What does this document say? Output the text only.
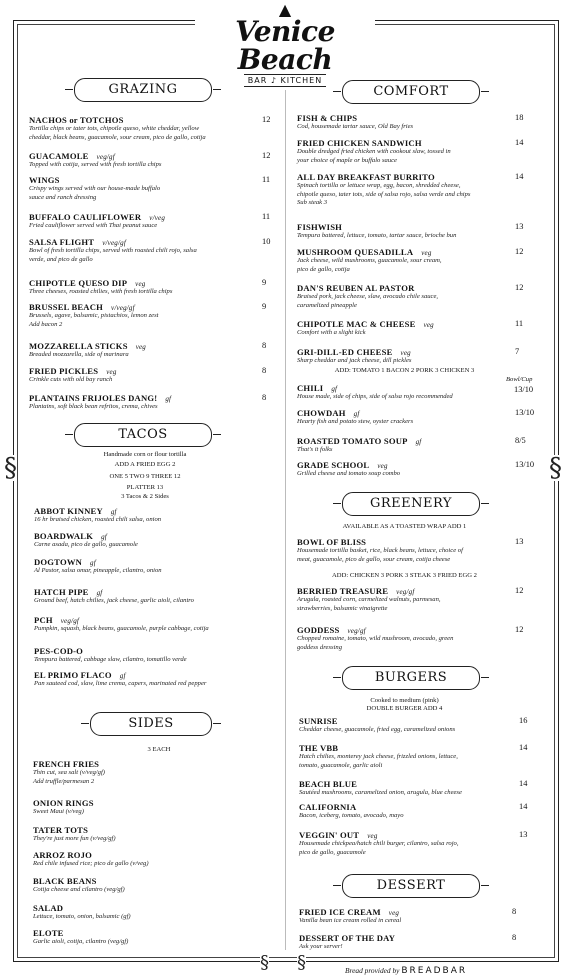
§	§
§ §
▲
Venice Beach
BAR ♪ KITCHEN
GRAZING
NACHOS or TOTCHOS
Tortilla chips or tater tots, chipotle queso, white cheddar, yellow
cheddar, black beans, guacamole, sour cream, pico de gallo, cotija
12
GUACAMOLE veg/gf
Topped with cotija, served with fresh tortilla chips
12
WINGS
Crispy wings served with our house-made buffalo
sauce and ranch dressing
11
BUFFALO CAULIFLOWER v/veg
Fried cauliflower served with Thai peanut sauce
11
SALSA FLIGHT v/veg/gf
Bowl of fresh tortilla chips, served with roasted chili rojo, salsa
verde, and pico de gallo
10
CHIPOTLE QUESO DIP veg
Three cheeses, roasted chilies, with fresh tortilla chips
9
BRUSSEL BEACH v/veg/gf
Brussels, agave, balsamic, pistachios, lemon zest
Add bacon 2
9
MOZZARELLA STICKS veg
Breaded mozzarella, side of marinara
8
FRIED PICKLES veg
Crinkle cuts with old bay ranch
8
PLANTAINS FRIJOLES DANG! gf
Plantains, soft black bean refritos, crema, chives
8
TACOS
Handmade corn or flour tortilla
ADD A FRIED EGG 2
ONE 5 TWO 9 THREE 12
PLATTER 13
3 Tacos & 2 Sides
ABBOT KINNEY gf
16 hr braised chicken, roasted chili salsa, onion
BOARDWALK gf
Carne asada, pico de gallo, guacamole
DOGTOWN gf
Al Pastor, salsa omar, pineapple, cilantro, onion
HATCH PIPE gf
Ground beef, hatch chilies, jack cheese, garlic aioli, cilantro
PCH veg/gf
Pumpkin, squash, black beans, guacamole, purple cabbage, cotija
PES-COD-O
Tempura battered, cabbage slaw, cilantro, tomatillo verde
EL PRIMO FLACO gf
Pan sauteed cod, slaw, lime crema, capers, marinated red pepper
SIDES
3 EACH
FRENCH FRIES
Thin cut, sea salt (v/veg/gf)
Add truffle/parmesan 2
ONION RINGS
Sweet Maui (v/veg)
TATER TOTS
They're just more fun (v/veg/gf)
ARROZ ROJO
Red chile infused rice; pico de gallo (v/veg)
BLACK BEANS
Cotija cheese and cilantro (veg/gf)
SALAD
Lettuce, tomato, onion, balsamic (gf)
ELOTE
Garlic aioli, cotija, cilantro (veg/gf)
COMFORT
FISH & CHIPS
Cod, housemade tartar sauce, Old Bay fries
18
FRIED CHICKEN SANDWICH
Double dredged fried chicken with cookout slaw, tossed in
your choice of maple or buffalo sauce
14
ALL DAY BREAKFAST BURRITO
Spinach tortilla or lettuce wrap, egg, bacon, shredded cheese,
chipotle queso, tater tots, side of salsa rojo, salsa verde and chips
Sub steak 3
14
FISHWISH
Tempura battered, lettuce, tomato, tartar sauce, brioche bun
13
MUSHROOM QUESADILLA veg
Jack cheese, wild mushrooms, guacamole, sour cream,
pico de gallo, cotija
12
DAN'S REUBEN AL PASTOR
Braised pork, jack cheese, slaw, avocado chile sauce,
caramelized pineapple
12
CHIPOTLE MAC & CHEESE veg
Comfort with a slight kick
11
GRI-DILL-ED CHEESE veg
Sharp cheddar and jack cheese, dill pickles
7
CHILI gf
House made, side of chips, side of salsa rojo recommended
Bowl/Cup
CHOWDAH gf
Hearty fish and potato stew, oyster crackers
13/10
ROASTED TOMATO SOUP gf
That's it folks
8/5
GRADE SCHOOL veg
Grilled cheese and tomato soup combo
13/10
ADD: TOMATO 1 BACON 2 PORK 3 CHICKEN 3
13/10
GREENERY
AVAILABLE AS A TOASTED WRAP ADD 1
BOWL OF BLISS
Housemade tortilla basket, rice, black beans, lettuce, choice of
meat, guacamole, pico de gallo, sour cream, cotija cheese
13
BERRIED TREASURE veg/gf
Arugula, roasted corn, carmelized walnuts, parmesan,
strawberries, balsamic vinaigrette
12
GODDESS veg/gf
Chopped romaine, tomato, wild mushroom, avocado, green
goddess dressing
12
ADD: CHICKEN 3 PORK 3 STEAK 3 FRIED EGG 2
BURGERS
Cooked to medium (pink)
DOUBLE BURGER ADD 4
SUNRISE
Cheddar cheese, guacamole, fried egg, caramelized onions
16
THE VBB
Hatch chilies, monterey jack cheese, frizzled onions, lettuce,
tomato, guacamole, garlic aioli
14
BEACH BLUE
Sautéed mushrooms, caramelized onion, arugula, blue cheese
14
CALIFORNIA
Bacon, iceberg, tomato, avocado, mayo
14
VEGGIN' OUT veg
Housemade chickpea/hatch chili burger, cilantro, salsa rojo,
pico de gallo, guacamole
13
DESSERT
FRIED ICE CREAM veg
Vanilla bean ice cream rolled in cereal
8
DESSERT OF THE DAY
Ask your server!
8
Bread provided by BREADBAR
